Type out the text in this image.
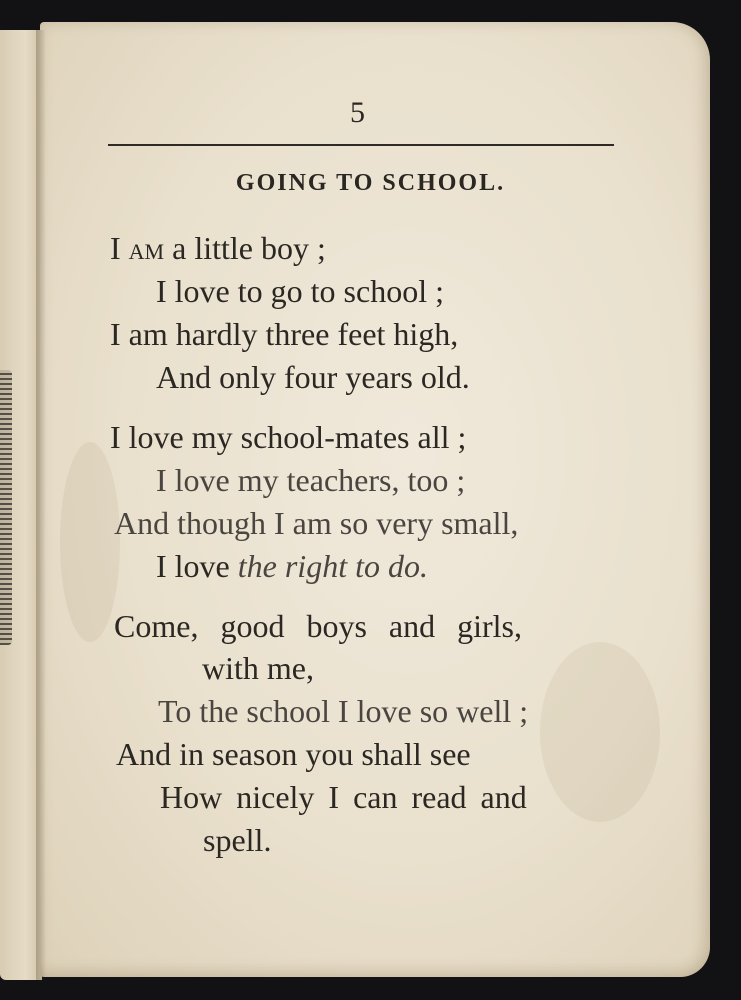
5
GOING TO SCHOOL.
I am a little boy ;
I love to go to school ;
I am hardly three feet high,
And only four years old.
I love my school-mates all ;
I love my teachers, too ;
And though I am so very small,
I love the right to do.
Come, good boys and girls,
with me,
To the school I love so well ;
And in season you shall see
How nicely I can read and
spell.
